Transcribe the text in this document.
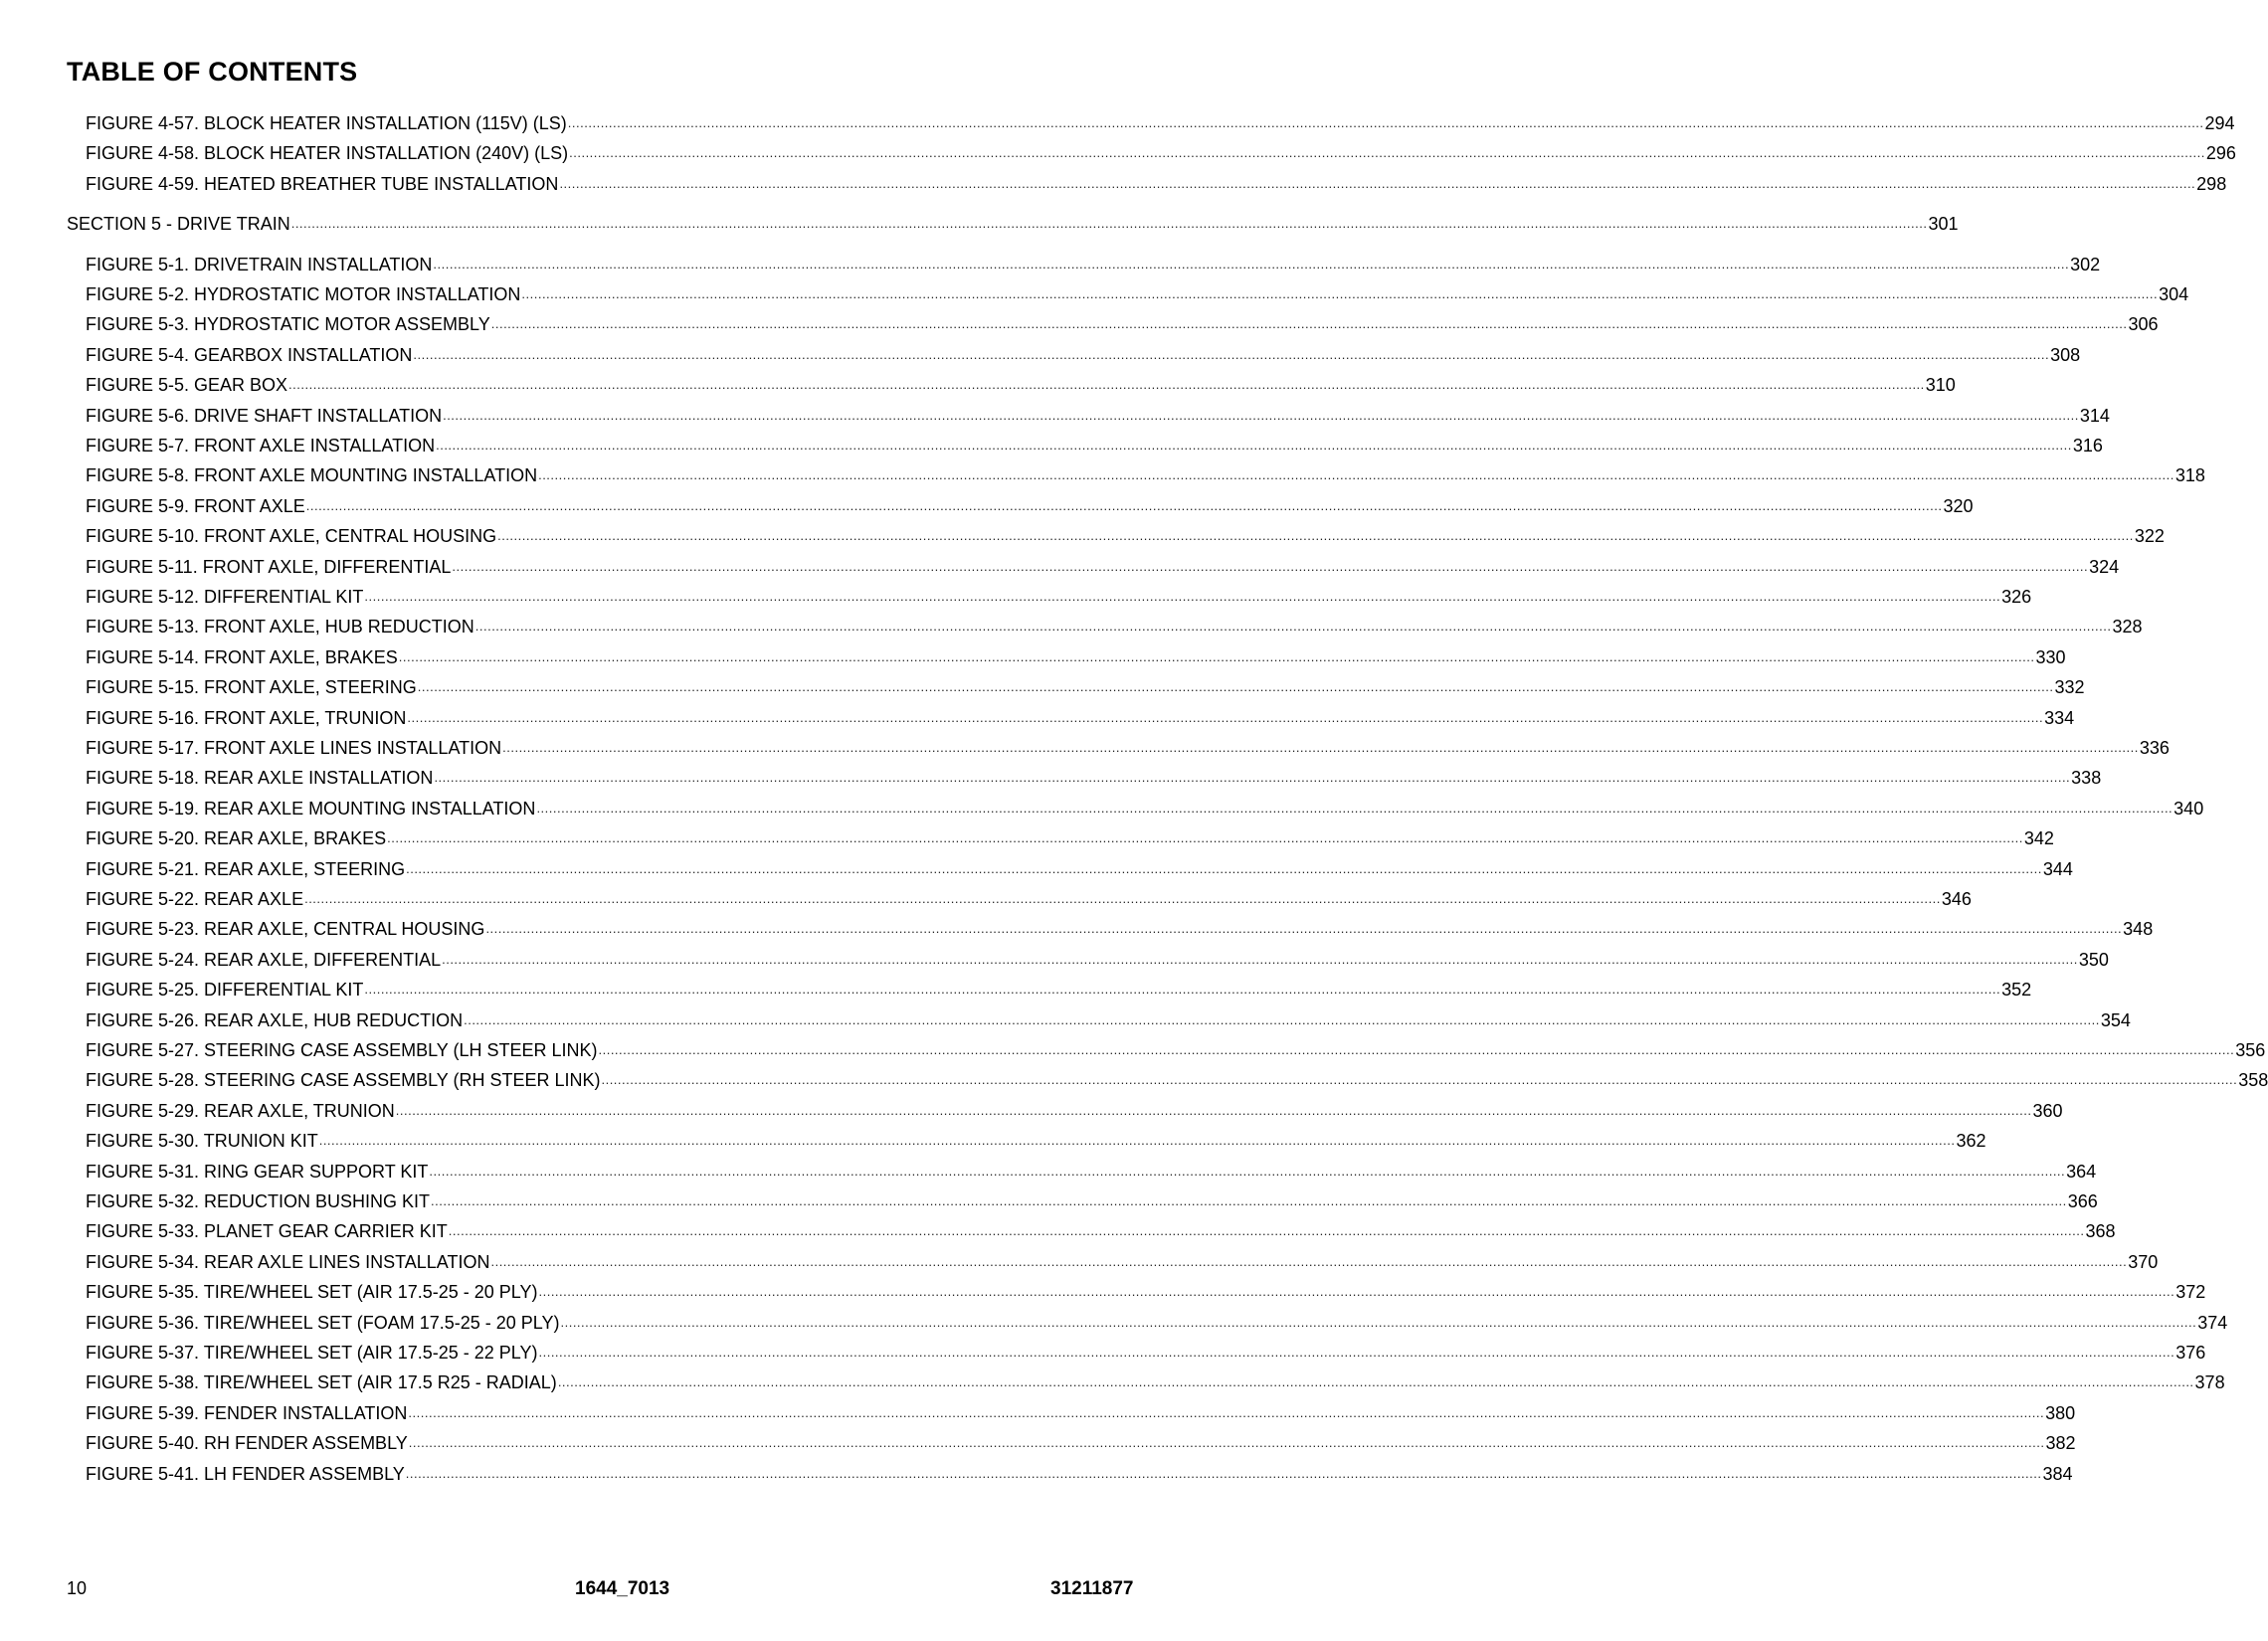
TABLE OF CONTENTS
FIGURE 4-57. BLOCK HEATER INSTALLATION (115V) (LS) ................................................................................................................................................................................................................................................................................................................................................................................................................ 294
FIGURE 4-58. BLOCK HEATER INSTALLATION (240V) (LS) ................................................................................................................................................................................................................................................................................................................................................................................................................ 296
FIGURE 4-59. HEATED BREATHER TUBE INSTALLATION ................................................................................................................................................................................................................................................................................................................................................................................................................ 298
SECTION 5 - DRIVE TRAIN ................................................................................................................................................................................................................................................................................................................................................................................................................ 301
FIGURE 5-1. DRIVETRAIN INSTALLATION ................................................................................................................................................................................................................................................................................................................................................................................................................ 302
FIGURE 5-2. HYDROSTATIC MOTOR INSTALLATION ................................................................................................................................................................................................................................................................................................................................................................................................................ 304
FIGURE 5-3. HYDROSTATIC MOTOR ASSEMBLY ................................................................................................................................................................................................................................................................................................................................................................................................................ 306
FIGURE 5-4. GEARBOX INSTALLATION ................................................................................................................................................................................................................................................................................................................................................................................................................ 308
FIGURE 5-5. GEAR BOX ................................................................................................................................................................................................................................................................................................................................................................................................................ 310
FIGURE 5-6. DRIVE SHAFT INSTALLATION ................................................................................................................................................................................................................................................................................................................................................................................................................ 314
FIGURE 5-7. FRONT AXLE INSTALLATION ................................................................................................................................................................................................................................................................................................................................................................................................................ 316
FIGURE 5-8. FRONT AXLE MOUNTING INSTALLATION ................................................................................................................................................................................................................................................................................................................................................................................................................ 318
FIGURE 5-9. FRONT AXLE ................................................................................................................................................................................................................................................................................................................................................................................................................ 320
FIGURE 5-10. FRONT AXLE, CENTRAL HOUSING ................................................................................................................................................................................................................................................................................................................................................................................................................ 322
FIGURE 5-11. FRONT AXLE, DIFFERENTIAL ................................................................................................................................................................................................................................................................................................................................................................................................................ 324
FIGURE 5-12. DIFFERENTIAL KIT ................................................................................................................................................................................................................................................................................................................................................................................................................ 326
FIGURE 5-13. FRONT AXLE, HUB REDUCTION ................................................................................................................................................................................................................................................................................................................................................................................................................ 328
FIGURE 5-14. FRONT AXLE, BRAKES ................................................................................................................................................................................................................................................................................................................................................................................................................ 330
FIGURE 5-15. FRONT AXLE, STEERING ................................................................................................................................................................................................................................................................................................................................................................................................................ 332
FIGURE 5-16. FRONT AXLE, TRUNION ................................................................................................................................................................................................................................................................................................................................................................................................................ 334
FIGURE 5-17. FRONT AXLE LINES INSTALLATION ................................................................................................................................................................................................................................................................................................................................................................................................................ 336
FIGURE 5-18. REAR AXLE INSTALLATION ................................................................................................................................................................................................................................................................................................................................................................................................................ 338
FIGURE 5-19. REAR AXLE MOUNTING INSTALLATION ................................................................................................................................................................................................................................................................................................................................................................................................................ 340
FIGURE 5-20. REAR AXLE, BRAKES ................................................................................................................................................................................................................................................................................................................................................................................................................ 342
FIGURE 5-21. REAR AXLE, STEERING ................................................................................................................................................................................................................................................................................................................................................................................................................ 344
FIGURE 5-22. REAR AXLE ................................................................................................................................................................................................................................................................................................................................................................................................................ 346
FIGURE 5-23. REAR AXLE, CENTRAL HOUSING ................................................................................................................................................................................................................................................................................................................................................................................................................ 348
FIGURE 5-24. REAR AXLE, DIFFERENTIAL ................................................................................................................................................................................................................................................................................................................................................................................................................ 350
FIGURE 5-25. DIFFERENTIAL KIT ................................................................................................................................................................................................................................................................................................................................................................................................................ 352
FIGURE 5-26. REAR AXLE, HUB REDUCTION ................................................................................................................................................................................................................................................................................................................................................................................................................ 354
FIGURE 5-27. STEERING CASE ASSEMBLY (LH STEER LINK) ................................................................................................................................................................................................................................................................................................................................................................................................................ 356
FIGURE 5-28. STEERING CASE ASSEMBLY (RH STEER LINK) ................................................................................................................................................................................................................................................................................................................................................................................................................ 358
FIGURE 5-29. REAR AXLE, TRUNION ................................................................................................................................................................................................................................................................................................................................................................................................................ 360
FIGURE 5-30. TRUNION KIT ................................................................................................................................................................................................................................................................................................................................................................................................................ 362
FIGURE 5-31. RING GEAR SUPPORT KIT ................................................................................................................................................................................................................................................................................................................................................................................................................ 364
FIGURE 5-32. REDUCTION BUSHING KIT ................................................................................................................................................................................................................................................................................................................................................................................................................ 366
FIGURE 5-33. PLANET GEAR CARRIER KIT ................................................................................................................................................................................................................................................................................................................................................................................................................ 368
FIGURE 5-34. REAR AXLE LINES INSTALLATION ................................................................................................................................................................................................................................................................................................................................................................................................................ 370
FIGURE 5-35. TIRE/WHEEL SET (AIR 17.5-25 - 20 PLY) ................................................................................................................................................................................................................................................................................................................................................................................................................ 372
FIGURE 5-36. TIRE/WHEEL SET (FOAM 17.5-25 - 20 PLY) ................................................................................................................................................................................................................................................................................................................................................................................................................ 374
FIGURE 5-37. TIRE/WHEEL SET (AIR 17.5-25 - 22 PLY) ................................................................................................................................................................................................................................................................................................................................................................................................................ 376
FIGURE 5-38. TIRE/WHEEL SET (AIR 17.5 R25 - RADIAL) ................................................................................................................................................................................................................................................................................................................................................................................................................ 378
FIGURE 5-39. FENDER INSTALLATION ................................................................................................................................................................................................................................................................................................................................................................................................................ 380
FIGURE 5-40. RH FENDER ASSEMBLY ................................................................................................................................................................................................................................................................................................................................................................................................................ 382
FIGURE 5-41. LH FENDER ASSEMBLY ................................................................................................................................................................................................................................................................................................................................................................................................................ 384
10	1644_7013	31211877
